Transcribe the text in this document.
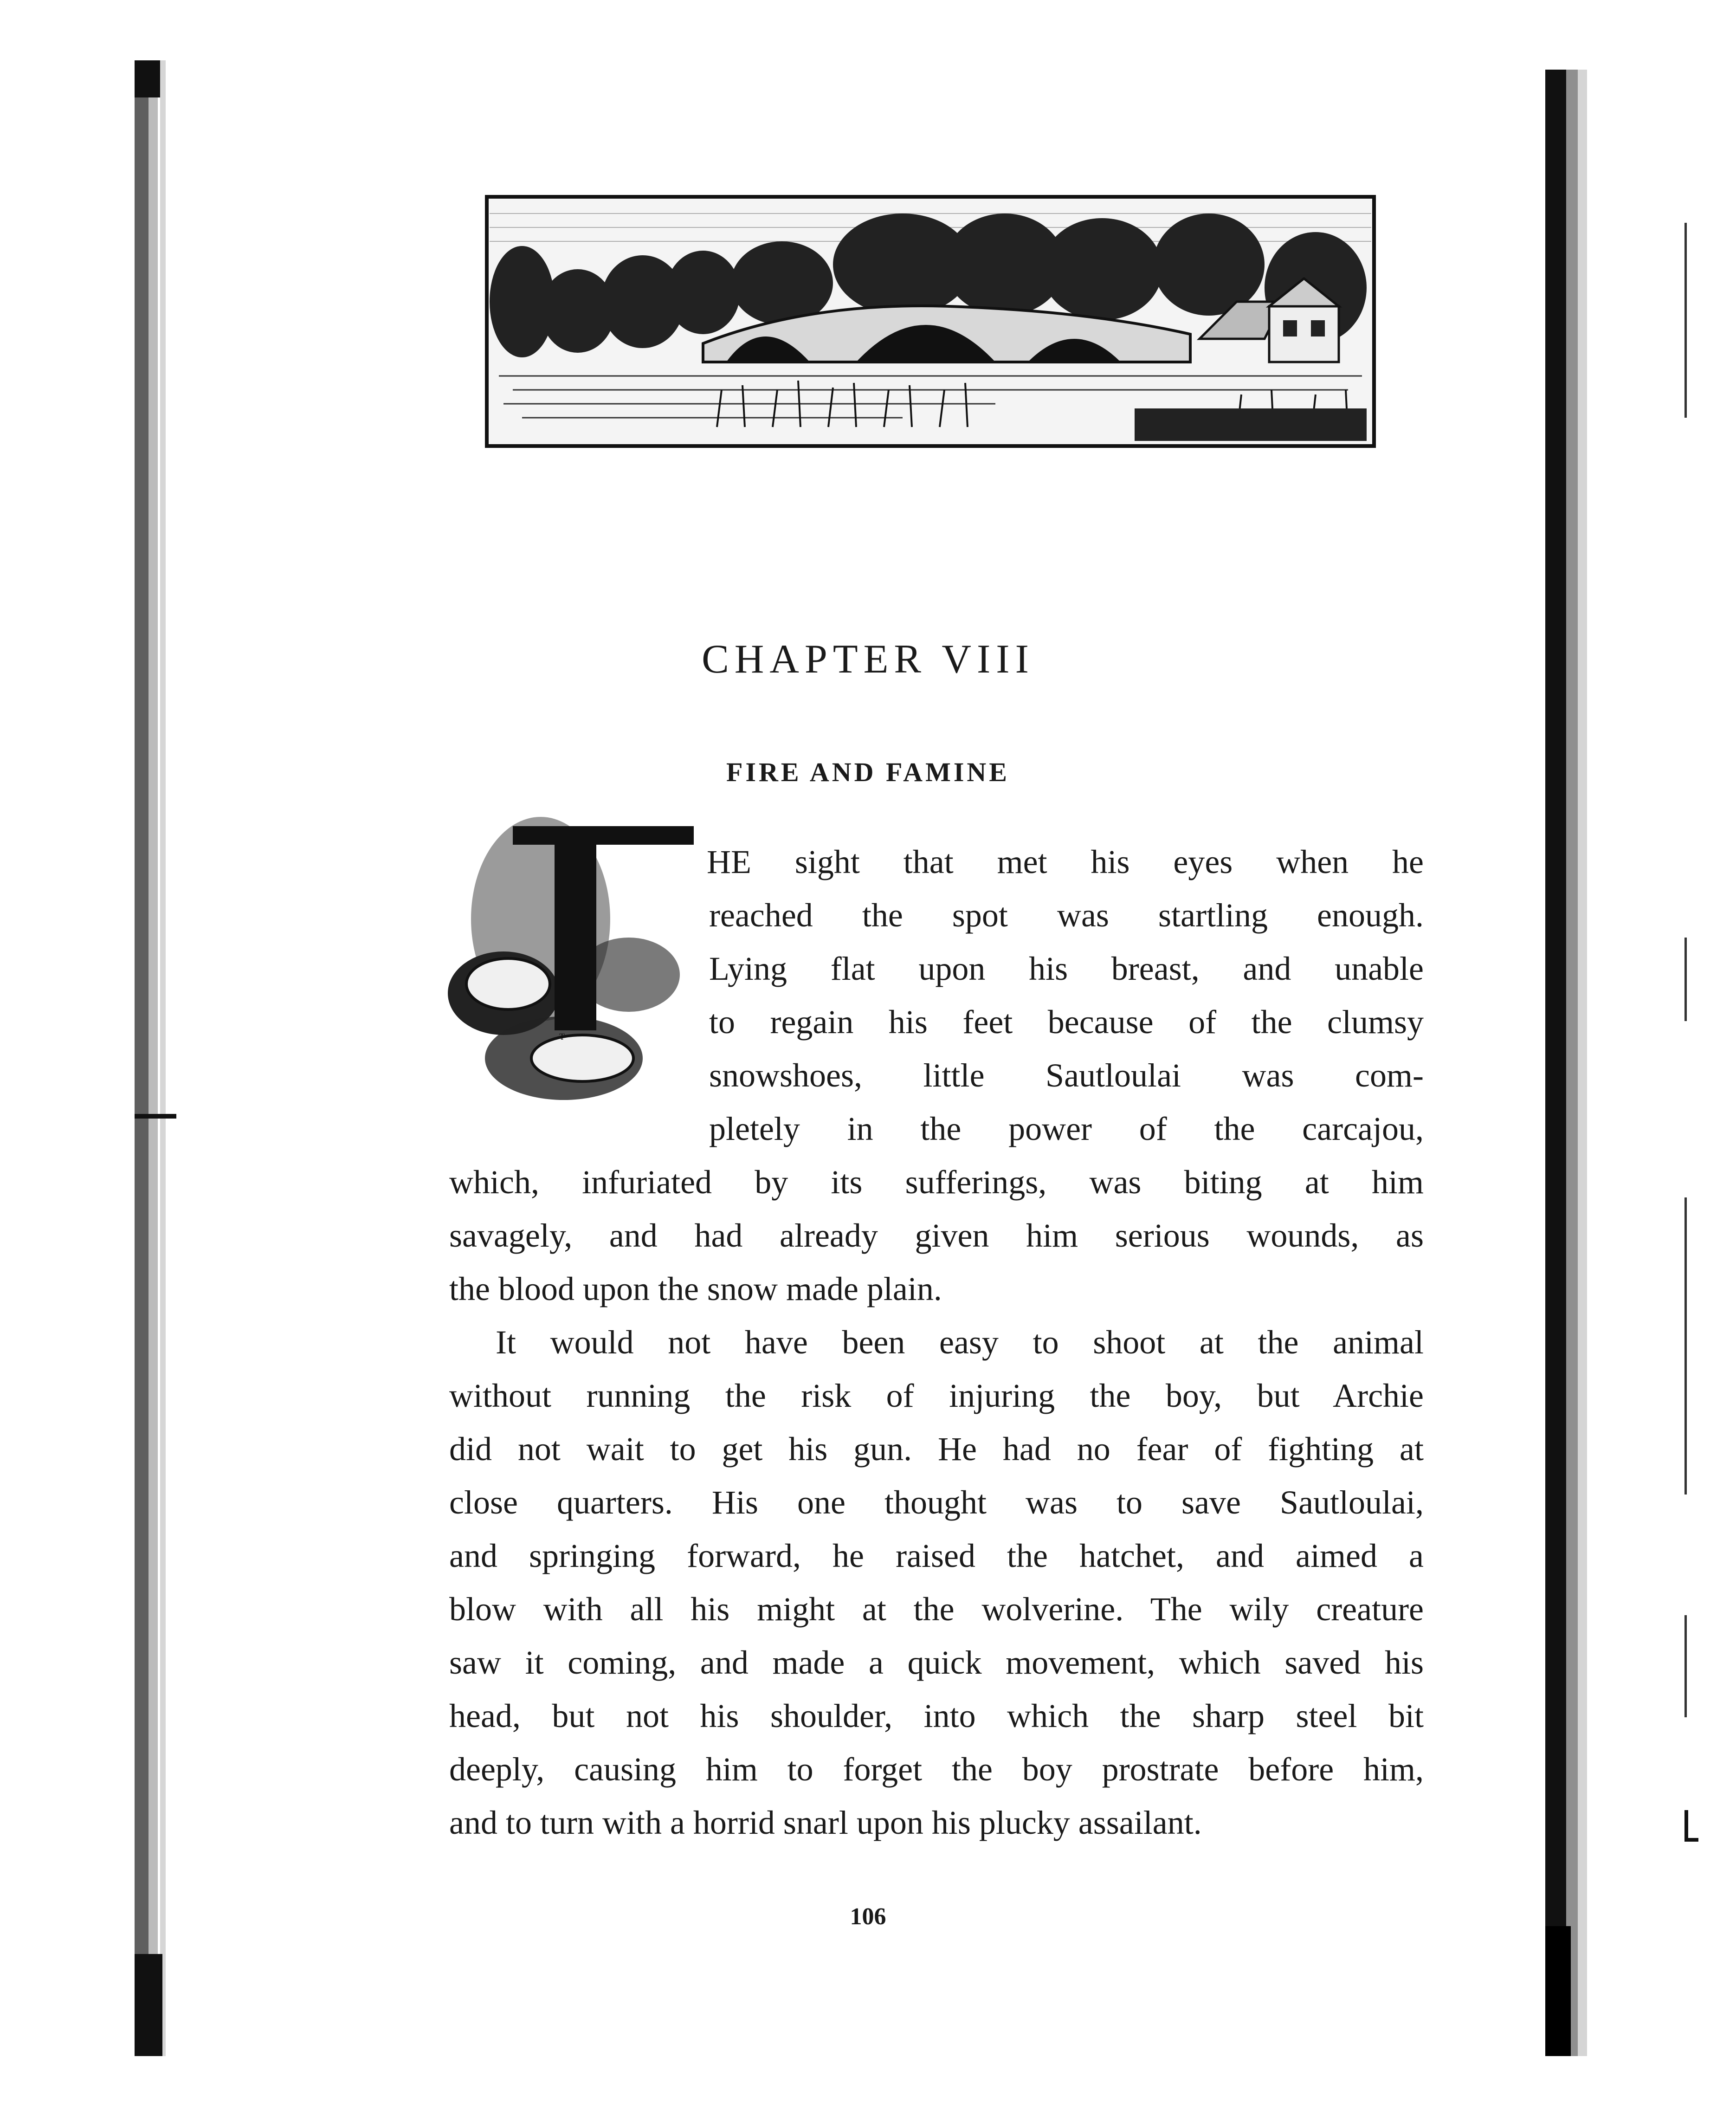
CHAPTER VIII
FIRE AND FAMINE
T
HE sight that met his eyes when he
reached the spot was startling enough.
Lying flat upon his breast, and unable
to regain his feet because of the clumsy
snowshoes, little Sautloulai was com-
pletely in the power of the carcajou,
which, infuriated by its sufferings, was biting at him
savagely, and had already given him serious wounds, as
the blood upon the snow made plain.
It would not have been easy to shoot at the animal
without running the risk of injuring the boy, but Archie
did not wait to get his gun. He had no fear of fighting at
close quarters. His one thought was to save Sautloulai,
and springing forward, he raised the hatchet, and aimed a
blow with all his might at the wolverine. The wily creature
saw it coming, and made a quick movement, which saved his
head, but not his shoulder, into which the sharp steel bit
deeply, causing him to forget the boy prostrate before him,
and to turn with a horrid snarl upon his plucky assailant.

106
